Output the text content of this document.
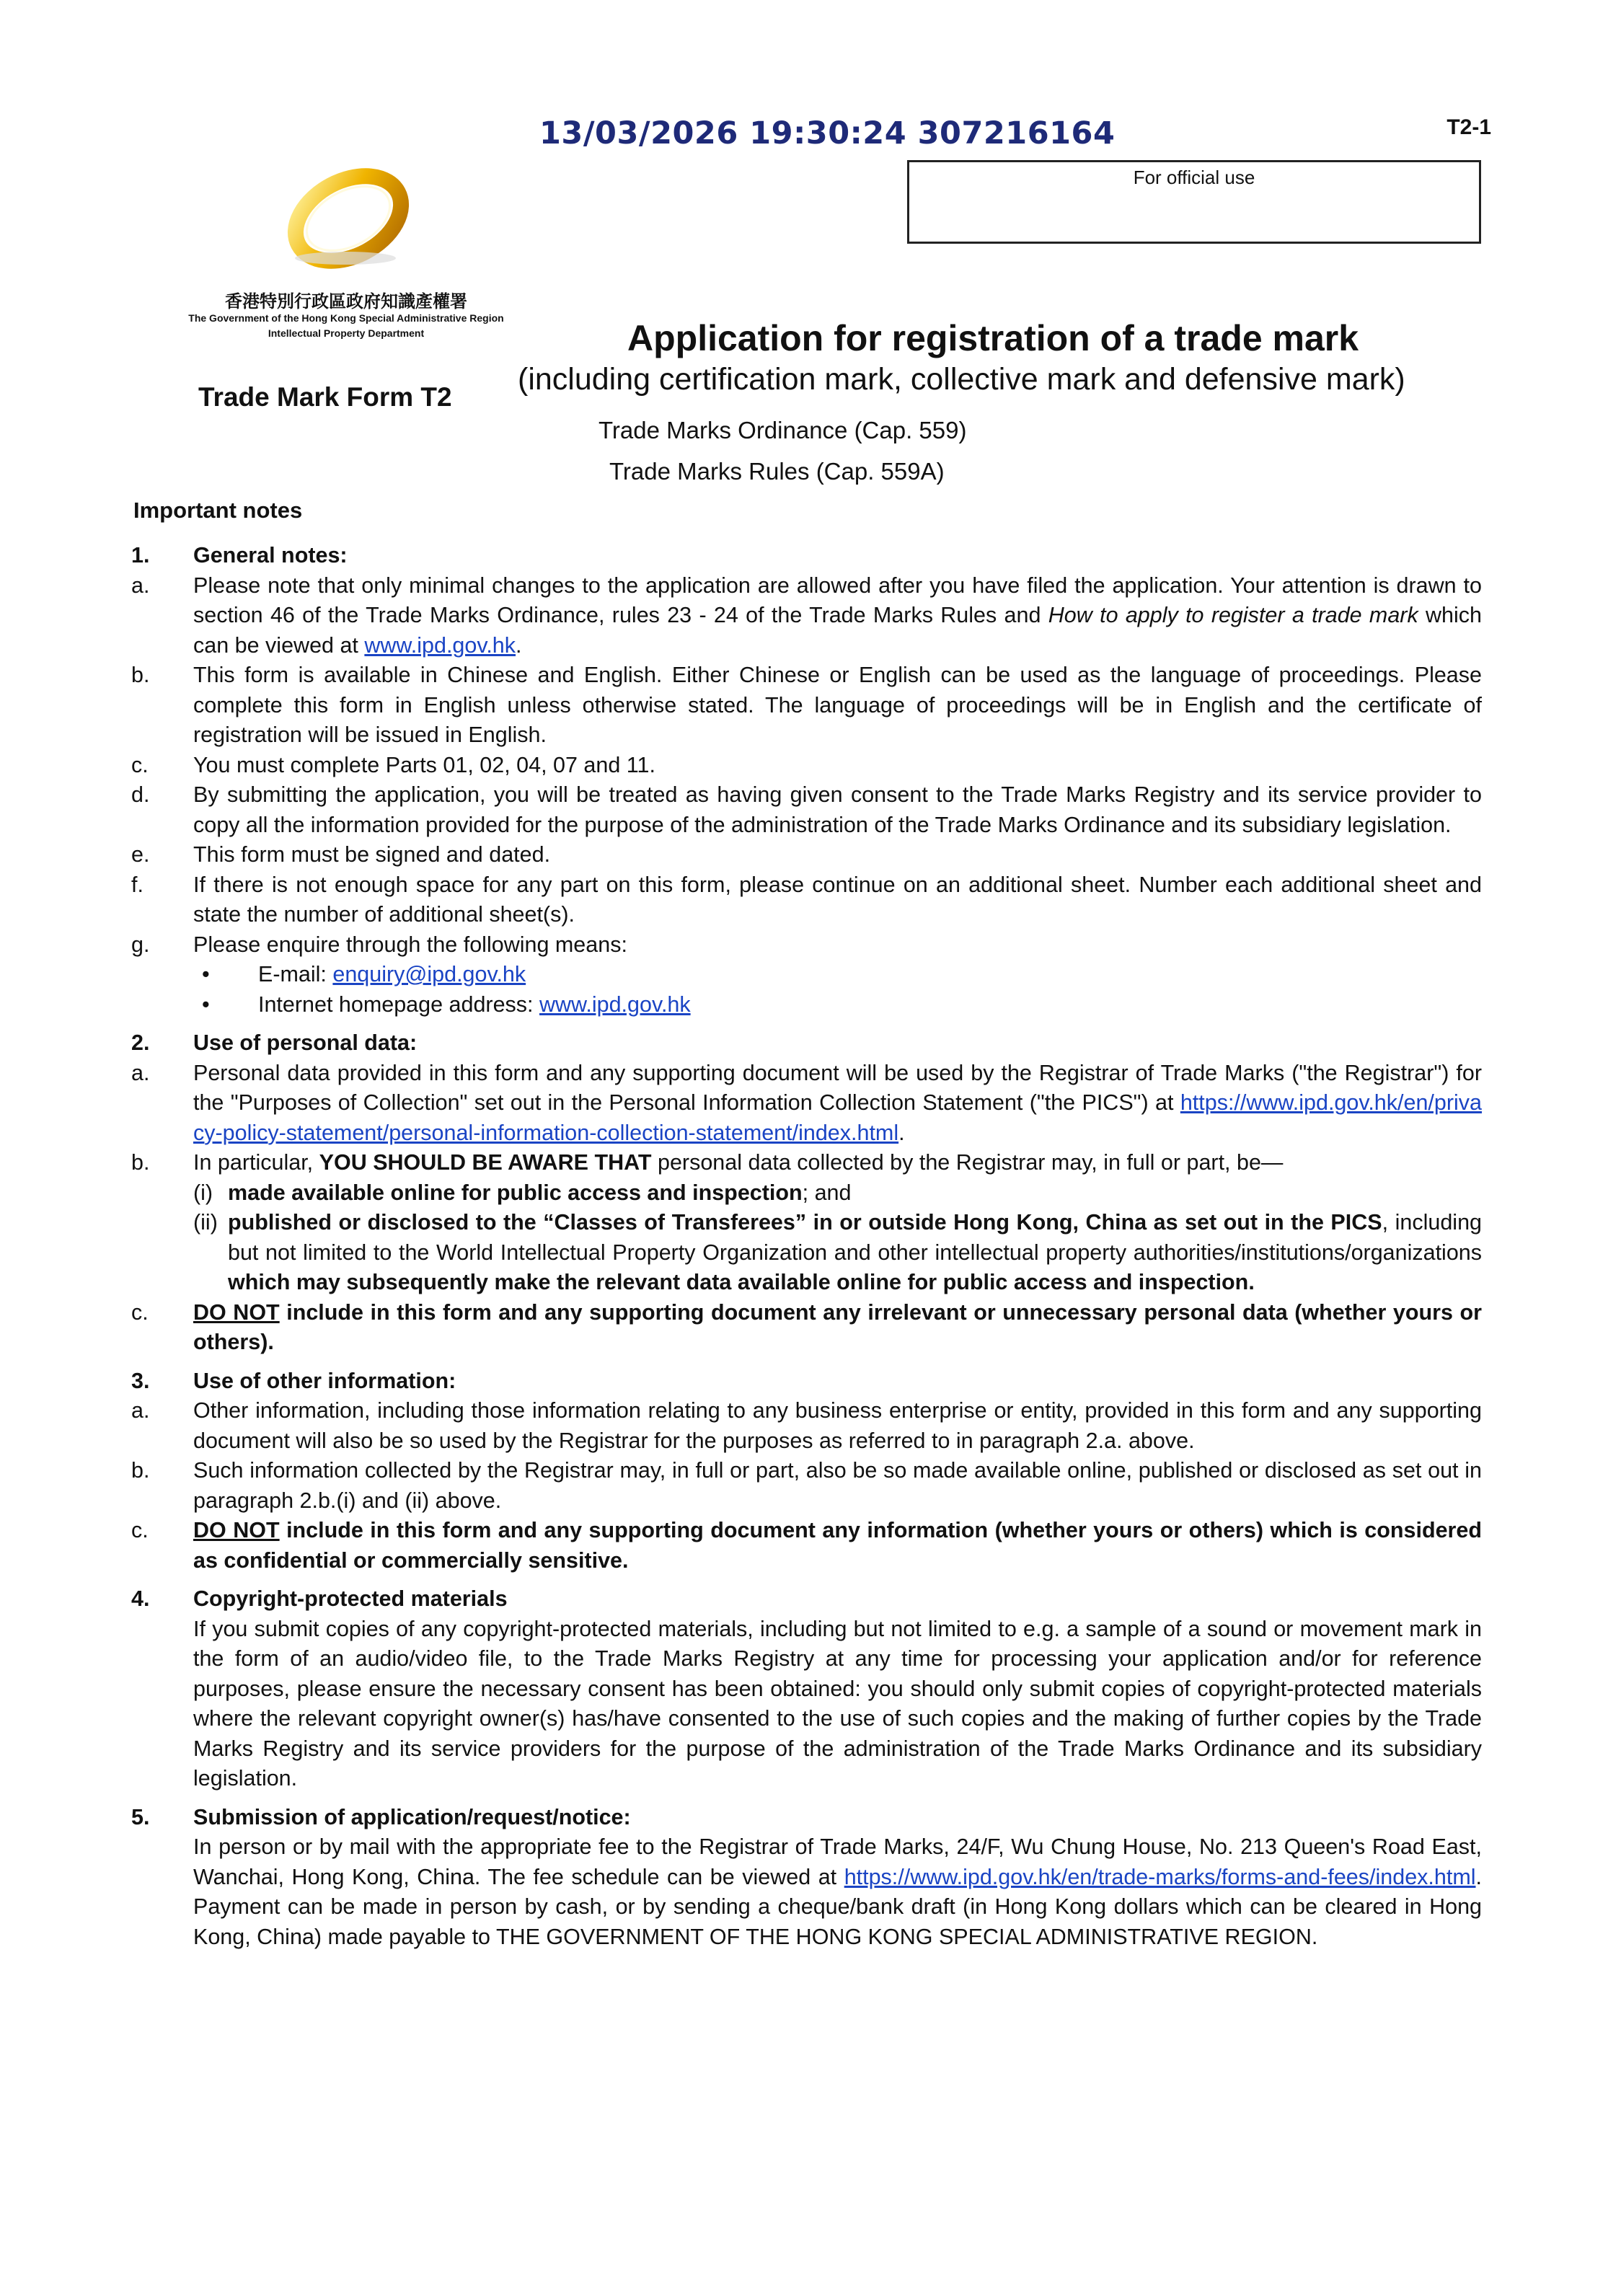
13/03/2026 19:30:24 307216164	T2-1
For official use
香港特別行政區政府知識產權署
The Government of the Hong Kong Special Administrative Region
Intellectual Property Department	Application for registration of a trade mark
(including certification mark, collective mark and defensive mark)
Trade Mark Form T2
Trade Marks Ordinance (Cap. 559)
Trade Marks Rules (Cap. 559A)
Important notes
1.	General notes:
a.	Please note that only minimal changes to the application are allowed after you have filed the application. Your attention is drawn to section 46 of the Trade Marks Ordinance, rules 23 - 24 of the Trade Marks Rules and How to apply to register a trade mark which can be viewed at www.ipd.gov.hk.
b.	This form is available in Chinese and English. Either Chinese or English can be used as the language of proceedings. Please complete this form in English unless otherwise stated. The language of proceedings will be in English and the certificate of registration will be issued in English.
c.	You must complete Parts 01, 02, 04, 07 and 11.
d.	By submitting the application, you will be treated as having given consent to the Trade Marks Registry and its service provider to copy all the information provided for the purpose of the administration of the Trade Marks Ordinance and its subsidiary legislation.
e.	This form must be signed and dated.
f.	If there is not enough space for any part on this form, please continue on an additional sheet. Number each additional sheet and state the number of additional sheet(s).
g.	Please enquire through the following means:
•	E-mail: enquiry@ipd.gov.hk
•	Internet homepage address: www.ipd.gov.hk
2.	Use of personal data:
a.	Personal data provided in this form and any supporting document will be used by the Registrar of Trade Marks ("the Registrar") for the "Purposes of Collection" set out in the Personal Information Collection Statement ("the PICS") at https://www.ipd.gov.hk/en/privacy-policy-statement/personal-information-collection-statement/index.html.
b.	In particular, YOU SHOULD BE AWARE THAT personal data collected by the Registrar may, in full or part, be—
(i) made available online for public access and inspection; and
(ii) published or disclosed to the “Classes of Transferees” in or outside Hong Kong, China as set out in the PICS, including but not limited to the World Intellectual Property Organization and other intellectual property authorities/institutions/organizations which may subsequently make the relevant data available online for public access and inspection.
c.	DO NOT include in this form and any supporting document any irrelevant or unnecessary personal data (whether yours or others).
3.	Use of other information:
a.	Other information, including those information relating to any business enterprise or entity, provided in this form and any supporting document will also be so used by the Registrar for the purposes as referred to in paragraph 2.a. above.
b.	Such information collected by the Registrar may, in full or part, also be so made available online, published or disclosed as set out in paragraph 2.b.(i) and (ii) above.
c.	DO NOT include in this form and any supporting document any information (whether yours or others) which is considered as confidential or commercially sensitive.
4.	Copyright-protected materials
If you submit copies of any copyright-protected materials, including but not limited to e.g. a sample of a sound or movement mark in the form of an audio/video file, to the Trade Marks Registry at any time for processing your application and/or for reference purposes, please ensure the necessary consent has been obtained: you should only submit copies of copyright-protected materials where the relevant copyright owner(s) has/have consented to the use of such copies and the making of further copies by the Trade Marks Registry and its service providers for the purpose of the administration of the Trade Marks Ordinance and its subsidiary legislation.
5.	Submission of application/request/notice:
In person or by mail with the appropriate fee to the Registrar of Trade Marks, 24/F, Wu Chung House, No. 213 Queen's Road East, Wanchai, Hong Kong, China. The fee schedule can be viewed at https://www.ipd.gov.hk/en/trade-marks/forms-and-fees/index.html. Payment can be made in person by cash, or by sending a cheque/bank draft (in Hong Kong dollars which can be cleared in Hong Kong, China) made payable to THE GOVERNMENT OF THE HONG KONG SPECIAL ADMINISTRATIVE REGION.
